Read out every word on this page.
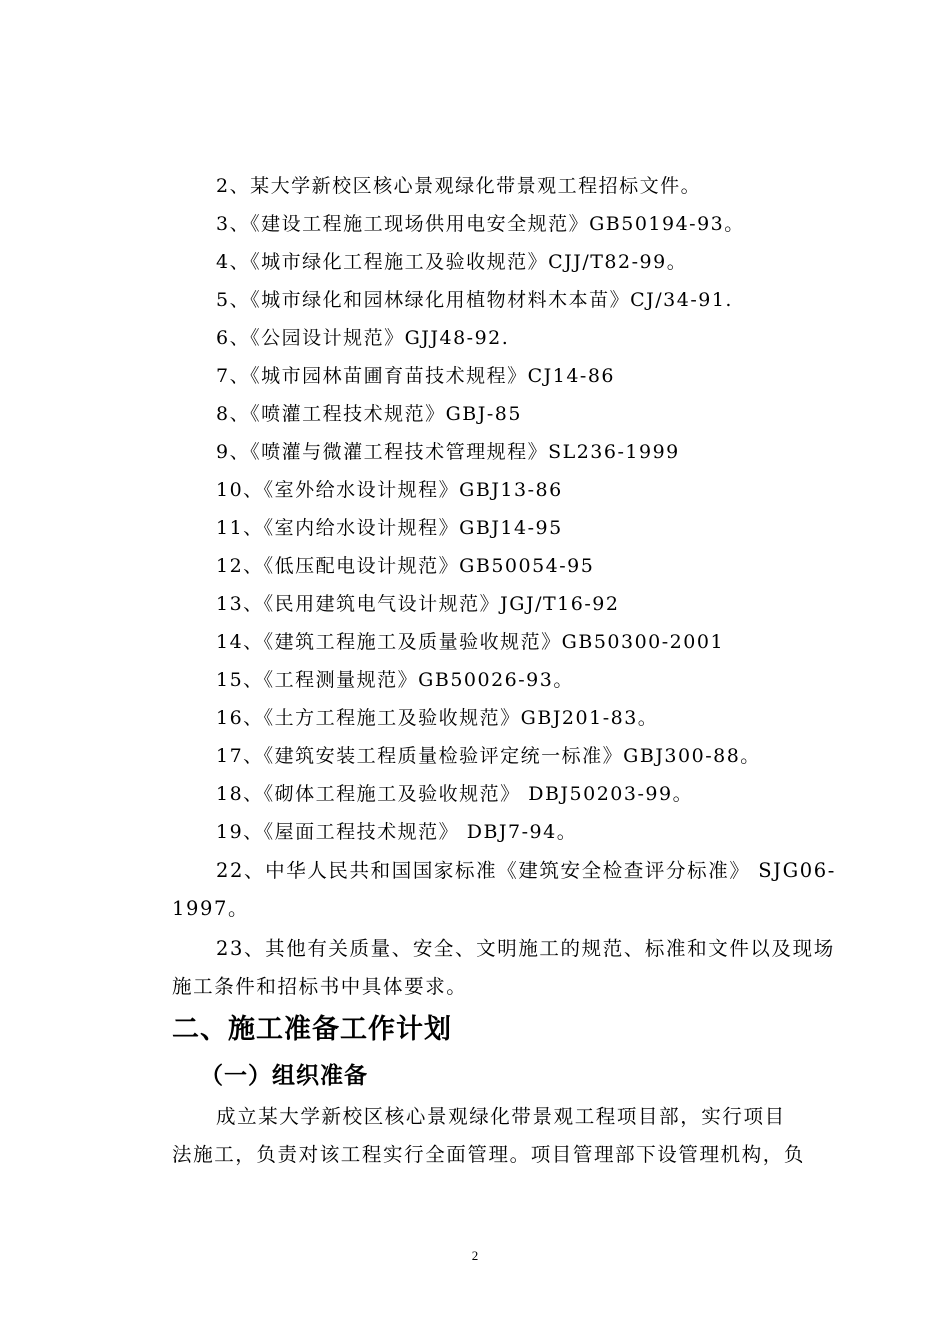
2、某大学新校区核心景观绿化带景观工程招标文件。
3、《建设工程施工现场供用电安全规范》GB50194-93。
4、《城市绿化工程施工及验收规范》CJJ/T82-99。
5、《城市绿化和园林绿化用植物材料木本苗》CJ/34-91.
6、《公园设计规范》GJJ48-92.
7、《城市园林苗圃育苗技术规程》CJ14-86
8、《喷灌工程技术规范》GBJ-85
9、《喷灌与微灌工程技术管理规程》SL236-1999
10、《室外给水设计规程》GBJ13-86
11、《室内给水设计规程》GBJ14-95
12、《低压配电设计规范》GB50054-95
13、《民用建筑电气设计规范》JGJ/T16-92
14、《建筑工程施工及质量验收规范》GB50300-2001
15、《工程测量规范》GB50026-93。
16、《土方工程施工及验收规范》GBJ201-83。
17、《建筑安装工程质量检验评定统一标准》GBJ300-88。
18、《砌体工程施工及验收规范》 DBJ50203-99。
19、《屋面工程技术规范》 DBJ7-94。
22、中华人民共和国国家标准《建筑安全检查评分标准》 SJG06-
1997。
23、其他有关质量、安全、文明施工的规范、标准和文件以及现场
施工条件和招标书中具体要求。
二、施工准备工作计划
（一）组织准备
成立某大学新校区核心景观绿化带景观工程项目部，实行项目
法施工，负责对该工程实行全面管理。项目管理部下设管理机构，负
2
